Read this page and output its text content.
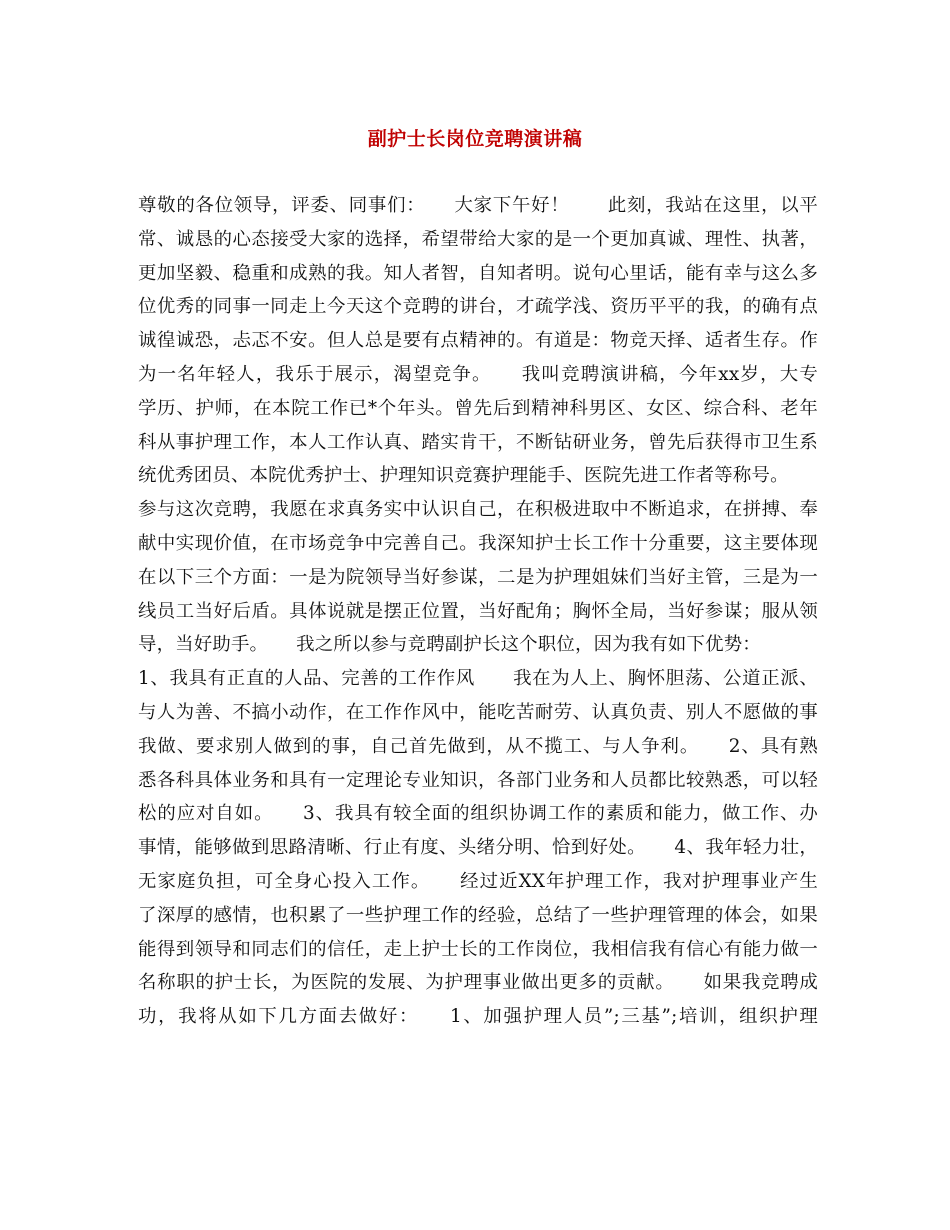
副护士长岗位竞聘演讲稿
尊敬的各位领导，评委、同事们：　　大家下午好！　　此刻，我站在这里，以平
常、诚恳的心态接受大家的选择，希望带给大家的是一个更加真诚、理性、执著，
更加坚毅、稳重和成熟的我。知人者智，自知者明。说句心里话，能有幸与这么多
位优秀的同事一同走上今天这个竞聘的讲台，才疏学浅、资历平平的我，的确有点
诚徨诚恐，忐忑不安。但人总是要有点精神的。有道是：物竞天择、适者生存。作
为一名年轻人，我乐于展示，渴望竞争。　　我叫竞聘演讲稿，今年xx岁，大专
学历、护师，在本院工作已*个年头。曾先后到精神科男区、女区、综合科、老年
科从事护理工作，本人工作认真、踏实肯干，不断钻研业务，曾先后获得市卫生系
统优秀团员、本院优秀护士、护理知识竞赛护理能手、医院先进工作者等称号。
参与这次竞聘，我愿在求真务实中认识自己，在积极进取中不断追求，在拼搏、奉
献中实现价值，在市场竞争中完善自己。我深知护士长工作十分重要，这主要体现
在以下三个方面：一是为院领导当好参谋，二是为护理姐妹们当好主管，三是为一
线员工当好后盾。具体说就是摆正位置，当好配角；胸怀全局，当好参谋；服从领
导，当好助手。　　我之所以参与竞聘副护长这个职位，因为我有如下优势：
1、我具有正直的人品、完善的工作作风　　我在为人上、胸怀胆荡、公道正派、
与人为善、不搞小动作，在工作作风中，能吃苦耐劳、认真负责、别人不愿做的事
我做、要求别人做到的事，自己首先做到，从不揽工、与人争利。　　2、具有熟
悉各科具体业务和具有一定理论专业知识，各部门业务和人员都比较熟悉，可以轻
松的应对自如。　　3、我具有较全面的组织协调工作的素质和能力，做工作、办
事情，能够做到思路清晰、行止有度、头绪分明、恰到好处。　　4、我年轻力壮，
无家庭负担，可全身心投入工作。　　经过近XX年护理工作，我对护理事业产生
了深厚的感情，也积累了一些护理工作的经验，总结了一些护理管理的体会，如果
能得到领导和同志们的信任，走上护士长的工作岗位，我相信我有信心有能力做一
名称职的护士长，为医院的发展、为护理事业做出更多的贡献。　　如果我竞聘成
功，我将从如下几方面去做好：　　1、加强护理人员”;三基”;培训，组织护理
